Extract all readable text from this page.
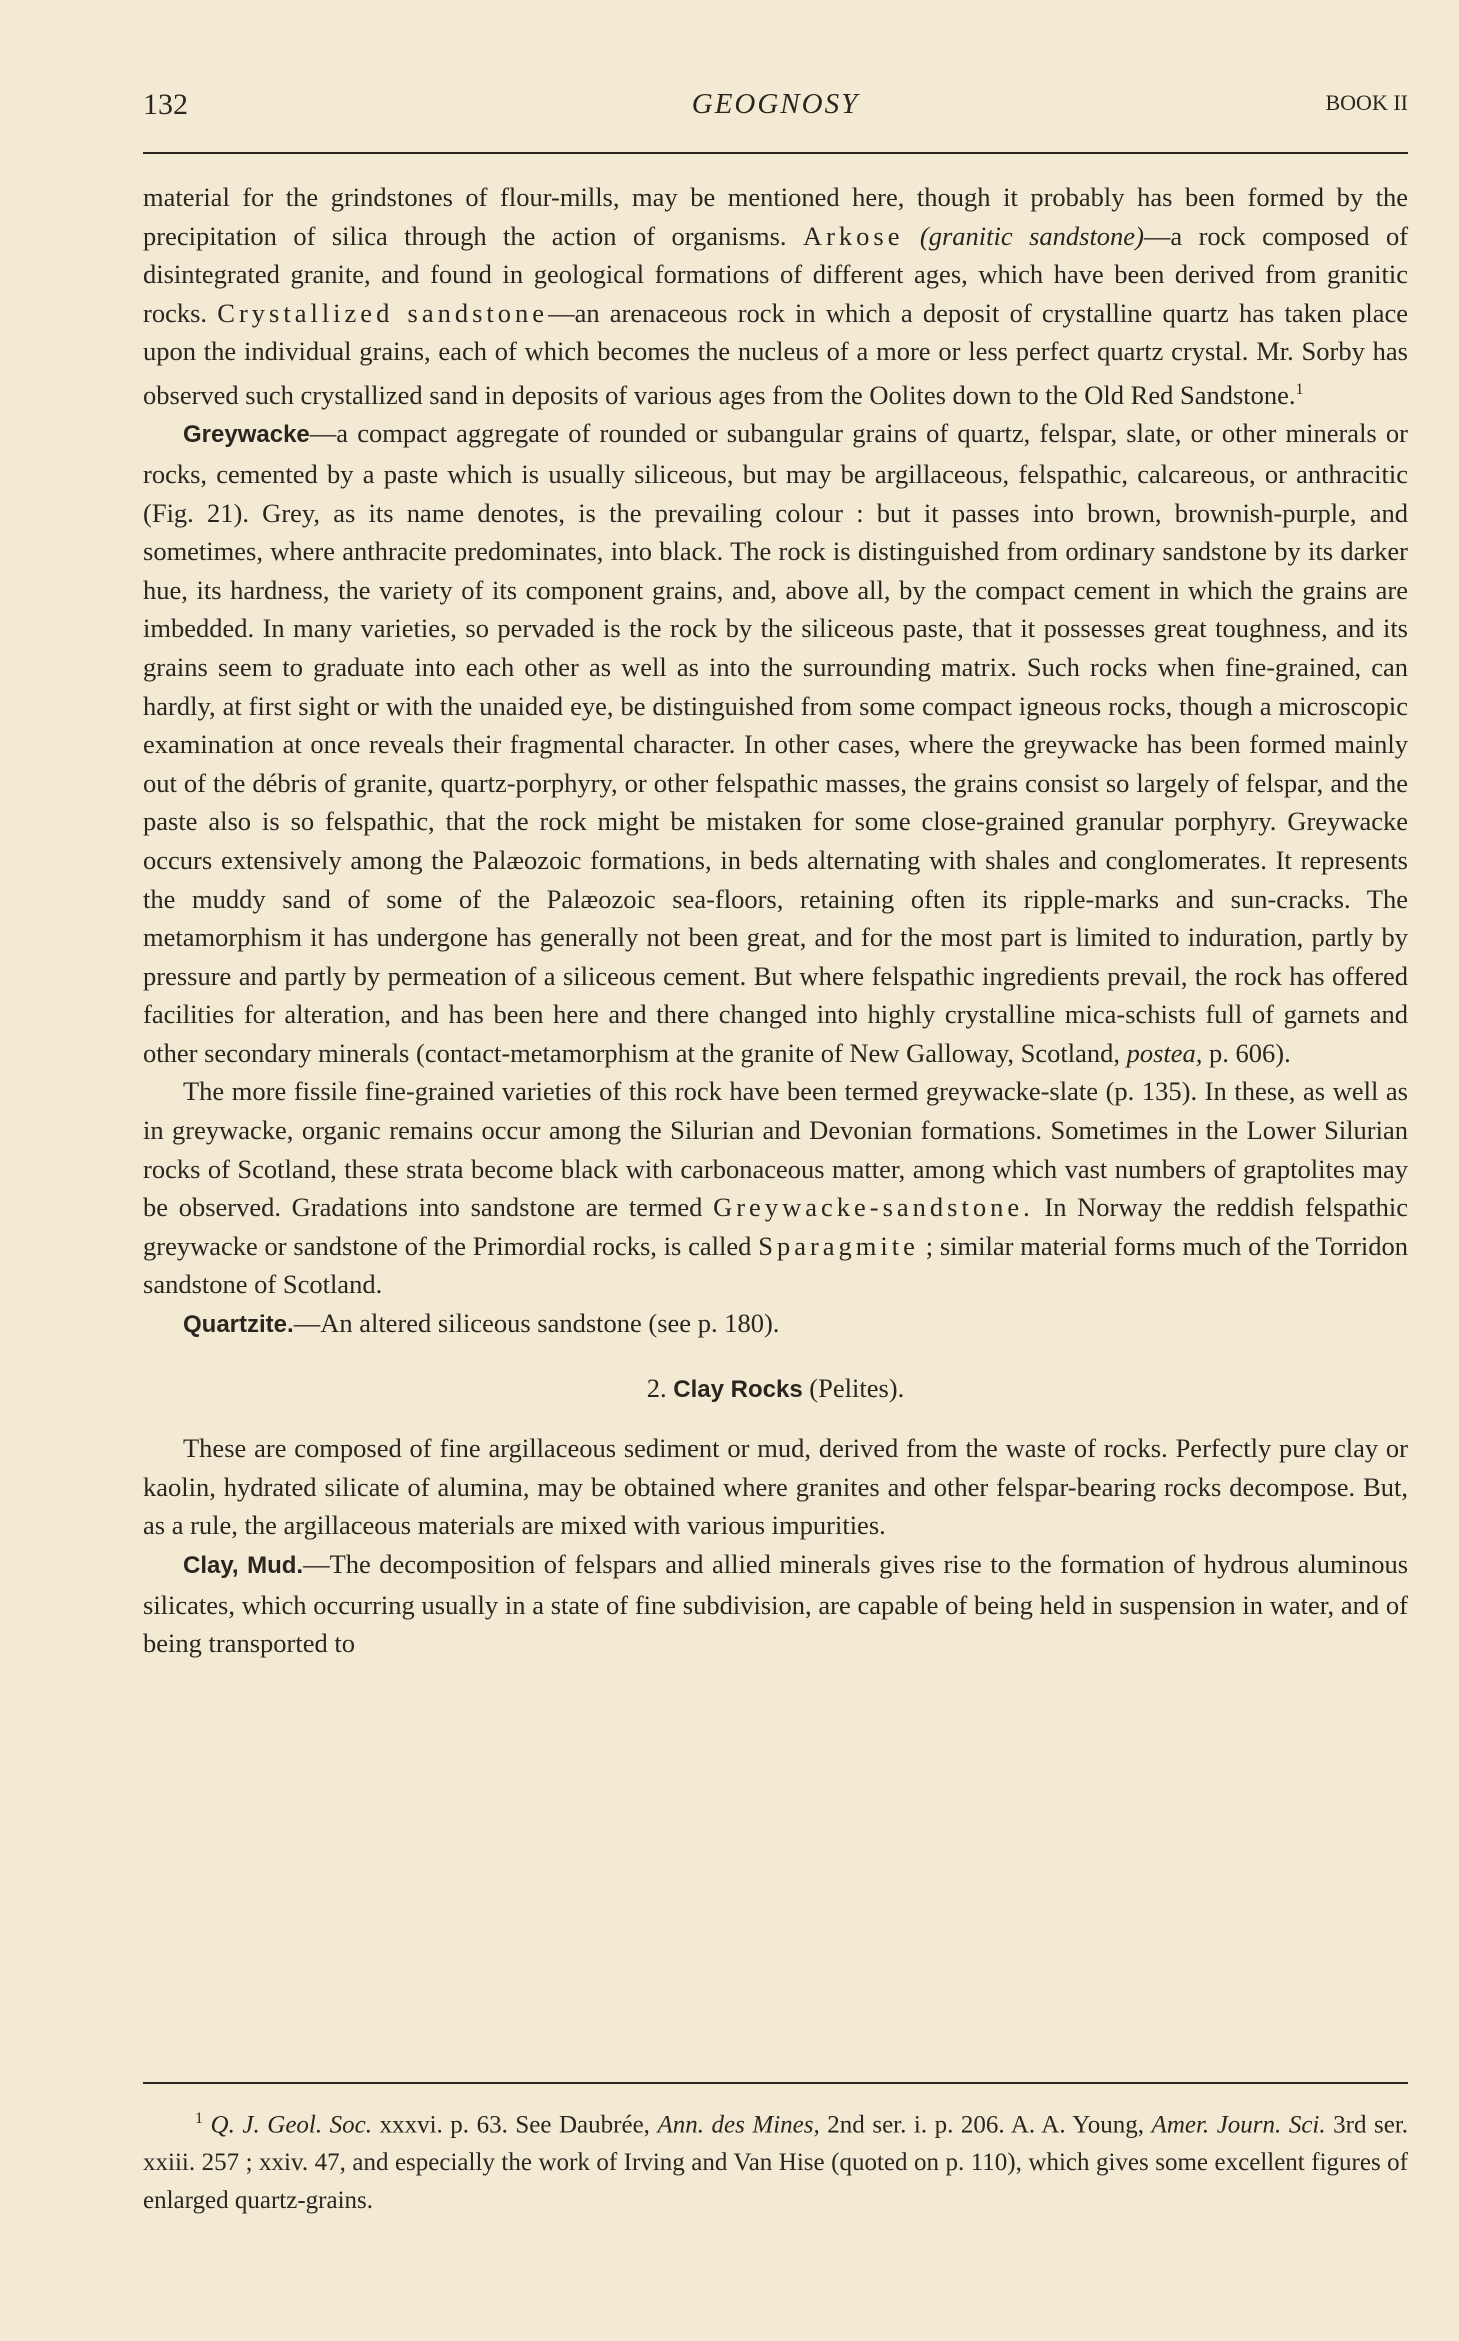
132	GEOGNOSY	BOOK II

material for the grindstones of flour-mills, may be mentioned here, though it probably has been formed by the precipitation of silica through the action of organisms. Arkose (granitic sandstone)—a rock composed of disintegrated granite, and found in geological formations of different ages, which have been derived from granitic rocks. Crystallized sandstone—an arenaceous rock in which a deposit of crystalline quartz has taken place upon the individual grains, each of which becomes the nucleus of a more or less perfect quartz crystal. Mr. Sorby has observed such crystallized sand in deposits of various ages from the Oolites down to the Old Red Sandstone.$^1$

Greywacke—a compact aggregate of rounded or subangular grains of quartz, felspar, slate, or other minerals or rocks, cemented by a paste which is usually siliceous, but may be argillaceous, felspathic, calcareous, or anthracitic (Fig. 21). Grey, as its name denotes, is the prevailing colour : but it passes into brown, brownish-purple, and sometimes, where anthracite predominates, into black. The rock is distinguished from ordinary sandstone by its darker hue, its hardness, the variety of its component grains, and, above all, by the compact cement in which the grains are imbedded. In many varieties, so pervaded is the rock by the siliceous paste, that it possesses great toughness, and its grains seem to graduate into each other as well as into the surrounding matrix. Such rocks when fine-grained, can hardly, at first sight or with the unaided eye, be distinguished from some compact igneous rocks, though a microscopic examination at once reveals their fragmental character. In other cases, where the greywacke has been formed mainly out of the débris of granite, quartz-porphyry, or other felspathic masses, the grains consist so largely of felspar, and the paste also is so felspathic, that the rock might be mistaken for some close-grained granular porphyry. Greywacke occurs extensively among the Palæozoic formations, in beds alternating with shales and conglomerates. It represents the muddy sand of some of the Palæozoic sea-floors, retaining often its ripple-marks and sun-cracks. The metamorphism it has undergone has generally not been great, and for the most part is limited to induration, partly by pressure and partly by permeation of a siliceous cement. But where felspathic ingredients prevail, the rock has offered facilities for alteration, and has been here and there changed into highly crystalline mica-schists full of garnets and other secondary minerals (contact-metamorphism at the granite of New Galloway, Scotland, postea, p. 606).

The more fissile fine-grained varieties of this rock have been termed greywacke-slate (p. 135). In these, as well as in greywacke, organic remains occur among the Silurian and Devonian formations. Sometimes in the Lower Silurian rocks of Scotland, these strata become black with carbonaceous matter, among which vast numbers of graptolites may be observed. Gradations into sandstone are termed Greywacke-sandstone. In Norway the reddish felspathic greywacke or sandstone of the Primordial rocks, is called Sparagmite ; similar material forms much of the Torridon sandstone of Scotland.

Quartzite.—An altered siliceous sandstone (see p. 180).

2. Clay Rocks (Pelites).

These are composed of fine argillaceous sediment or mud, derived from the waste of rocks. Perfectly pure clay or kaolin, hydrated silicate of alumina, may be obtained where granites and other felspar-bearing rocks decompose. But, as a rule, the argillaceous materials are mixed with various impurities.

Clay, Mud.—The decomposition of felspars and allied minerals gives rise to the formation of hydrous aluminous silicates, which occurring usually in a state of fine subdivision, are capable of being held in suspension in water, and of being transported to

$^1$ Q. J. Geol. Soc. xxxvi. p. 63. See Daubrée, Ann. des Mines, 2nd ser. i. p. 206. A. A. Young, Amer. Journ. Sci. 3rd ser. xxiii. 257 ; xxiv. 47, and especially the work of Irving and Van Hise (quoted on p. 110), which gives some excellent figures of enlarged quartz-grains.
